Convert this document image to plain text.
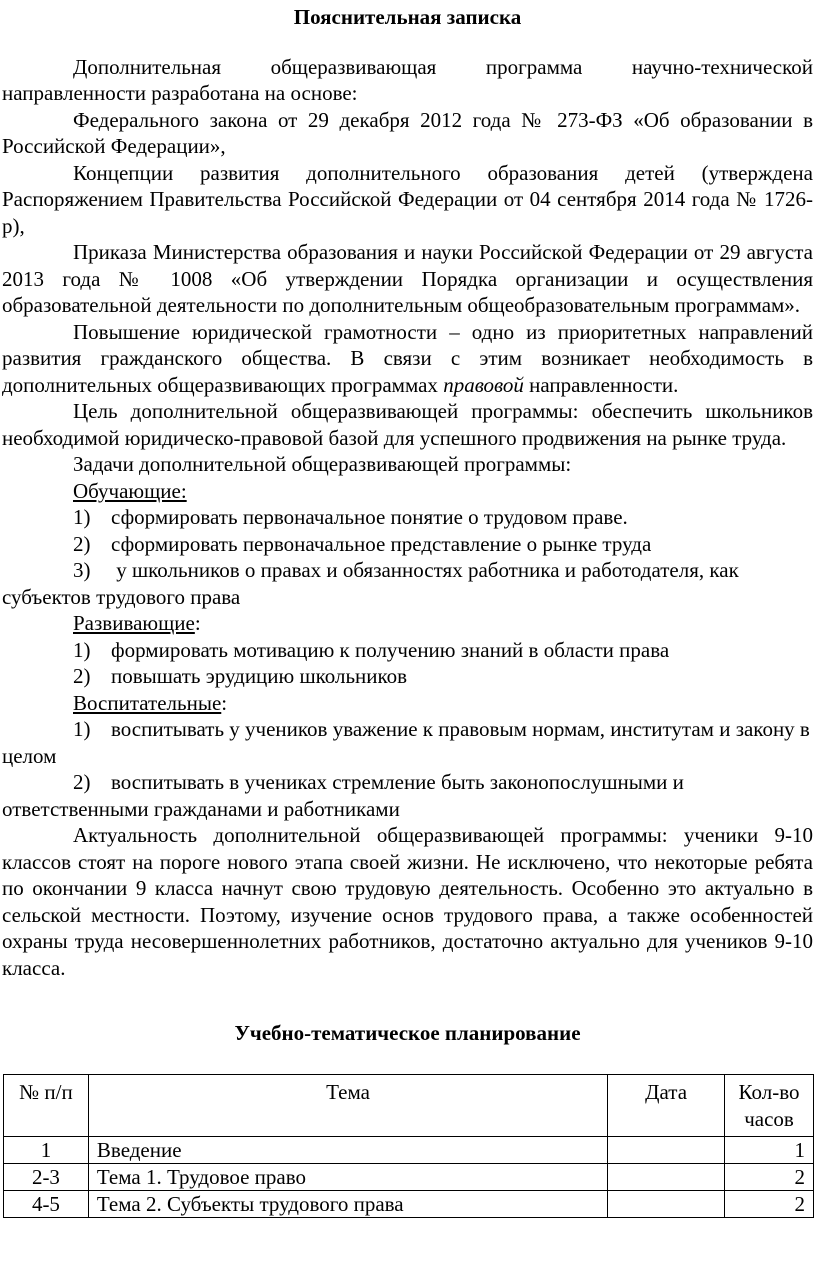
Пояснительная записка

Дополнительная общеразвивающая программа научно-технической направленности разработана на основе:

Федерального закона от 29 декабря 2012 года № 273-ФЗ «Об образовании в Российской Федерации»,

Концепции развития дополнительного образования детей (утверждена Распоряжением Правительства Российской Федерации от 04 сентября 2014 года № 1726-р),

Приказа Министерства образования и науки Российской Федерации от 29 августа 2013 года № 1008 «Об утверждении Порядка организации и осуществления образовательной деятельности по дополнительным общеобразовательным программам».

Повышение юридической грамотности – одно из приоритетных направлений развития гражданского общества. В связи с этим возникает необходимость в дополнительных общеразвивающих программах правовой направленности.

Цель дополнительной общеразвивающей программы: обеспечить школьников необходимой юридическо-правовой базой для успешного продвижения на рынке труда.

Задачи дополнительной общеразвивающей программы:

Обучающие:

1) сформировать первоначальное понятие о трудовом праве.

2) сформировать первоначальное представление о рынке труда

3) у школьников о правах и обязанностях работника и работодателя, как субъектов трудового права

Развивающие:

1) формировать мотивацию к получению знаний в области права

2) повышать эрудицию школьников

Воспитательные:

1) воспитывать у учеников уважение к правовым нормам, институтам и закону в целом

2) воспитывать в учениках стремление быть законопослушными и ответственными гражданами и работниками

Актуальность дополнительной общеразвивающей программы: ученики 9-10 классов стоят на пороге нового этапа своей жизни. Не исключено, что некоторые ребята по окончании 9 класса начнут свою трудовую деятельность. Особенно это актуально в сельской местности. Поэтому, изучение основ трудового права, а также особенностей охраны труда несовершеннолетних работников, достаточно актуально для учеников 9-10 класса.

Учебно-тематическое планирование

№ п/п	Тема	Дата	Кол-во часов
1	Введение		1
2-3	Тема 1. Трудовое право		2
4-5	Тема 2. Субъекты трудового права		2
